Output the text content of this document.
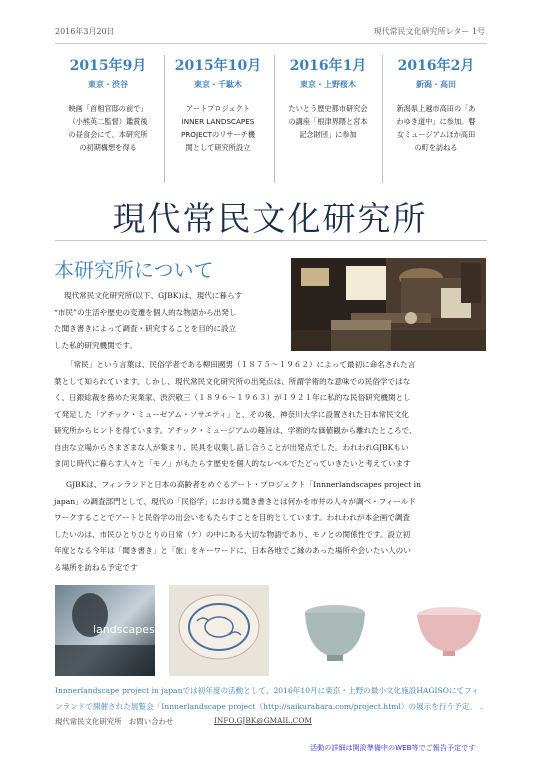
2016年3月20日	現代常民文化研究所レター 1号
2015年9月
東京・渋谷
映画「首相官邸の前で」
（小熊英二監督）鑑賞後
の昼食会にて、本研究所
の初期構想を得る
2015年10月
東京・千駄木
アートプロジェクト
INNER LANDSCAPES
PROJECTのリサーチ機
関として研究所設立
2016年1月
東京・上野桜木
たいとう歴史都市研究会
の講座「根津界隈と宮本
記念財団」に参加
2016年2月
新潟・高田
新潟県上越市高田の「あ
わゆき道中」に参加。瞽
女ミュージアムほか高田
の町を訪ねる
現代常民文化研究所
本研究所について
現代常民文化研究所(以下、GJBK)は、現代に暮らす
“市民”の生活や歴史の変遷を個人的な物語から出発し
た聞き書きによって調査・研究することを目的に設立
した私的研究機関です。
「常民」という言葉は、民俗学者である柳田國男（１８７５～１９６２）によって最初に命名された言
葉として知られています。しかし、現代常民文化研究所の出発点は、所謂学術的な意味での民俗学ではな
く、日銀総裁を務めた実業家、渋沢敬三（１８９６～１９６３）が１９２１年に私的な民俗研究機関とし
て発足した「アチック・ミューゼアム・ソサエティ」と、その後、神奈川大学に設置された日本常民文化
研究所からヒントを得ています。アチック・ミュージアムの趣旨は、学術的な価値観から離れたところで、
自由な立場からさまざまな人が集まり、民具を収集し話し合うことが出発点でした。われわれGJBKもい
ま同じ時代に暮らす人々と「モノ」がもたらす歴史を個人的なレベルでたどっていきたいと考えています
GJBKは、フィンランドと日本の高齢者をめぐるアート・プロジェクト「Innnerlandscapes project in
japan」の調査部門として、現代の「民俗学」における聞き書きとは何かを市井の人々が調べ・フィールド
ワークすることでアートと民俗学の出会いをもたらすことを目的としています。われわれが本企画で調査
したいのは、市民ひとりひとりの日常（ケ）の中にある大切な物語であり、モノとの関係性です。設立初
年度となる今年は「聞き書き」と「旅」をキーワードに、日本各地でご縁のあった場所や会いたい人のい
る場所を訪ねる予定です
landscapes
Innnerlandscape project in japanでは初年度の活動として、2016年10月に東京・上野の最小文化施設HAGISOにてフィ
ンランドで開催された展覧会「Innnerlandscape project（http://saikurahara.com/project.html）の展示を行う予定。　.
現代常民文化研究所　お問い合わせ	INFO.GJBK@GMAIL.COM
活動の詳細は開設準備中のWEB等でご報告予定です
